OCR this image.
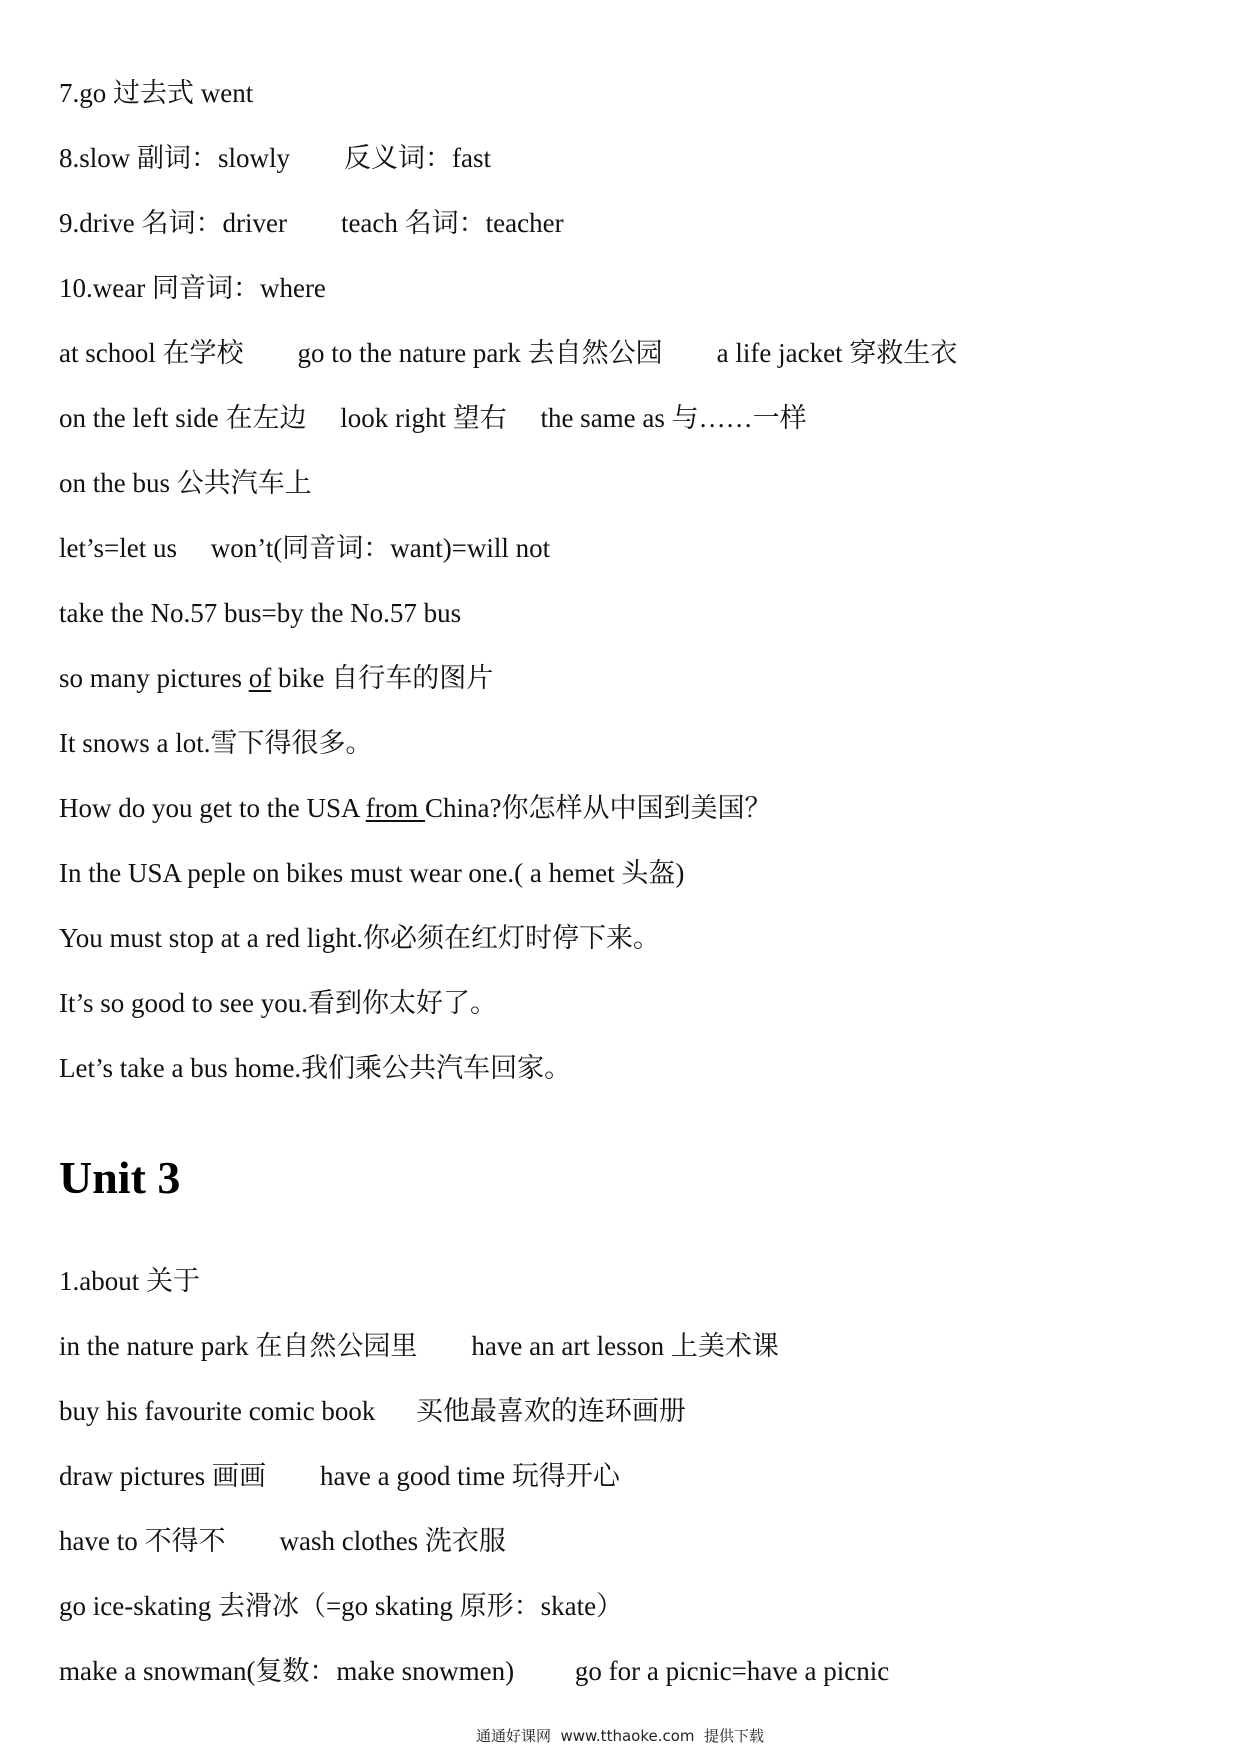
7.go 过去式 went
8.slow 副词：slowly        反义词：fast
9.drive 名词：driver        teach 名词：teacher
10.wear 同音词：where
at school 在学校        go to the nature park 去自然公园        a life jacket 穿救生衣
on the left side 在左边     look right 望右     the same as 与……一样
on the bus 公共汽车上
let’s=let us     won’t(同音词：want)=will not
take the No.57 bus=by the No.57 bus
so many pictures of bike 自行车的图片
It snows a lot.雪下得很多。
How do you get to the USA from China?你怎样从中国到美国？
In the USA peple on bikes must wear one.( a hemet 头盔)
You must stop at a red light.你必须在红灯时停下来。
It’s so good to see you.看到你太好了。
Let’s take a bus home.我们乘公共汽车回家。
Unit 3
1.about 关于
in the nature park 在自然公园里        have an art lesson 上美术课
buy his favourite comic book      买他最喜欢的连环画册
draw pictures 画画        have a good time 玩得开心
have to 不得不        wash clothes 洗衣服
go ice-skating 去滑冰（=go skating 原形：skate）
make a snowman(复数：make snowmen)         go for a picnic=have a picnic
通通好课网  www.tthaoke.com  提供下载
